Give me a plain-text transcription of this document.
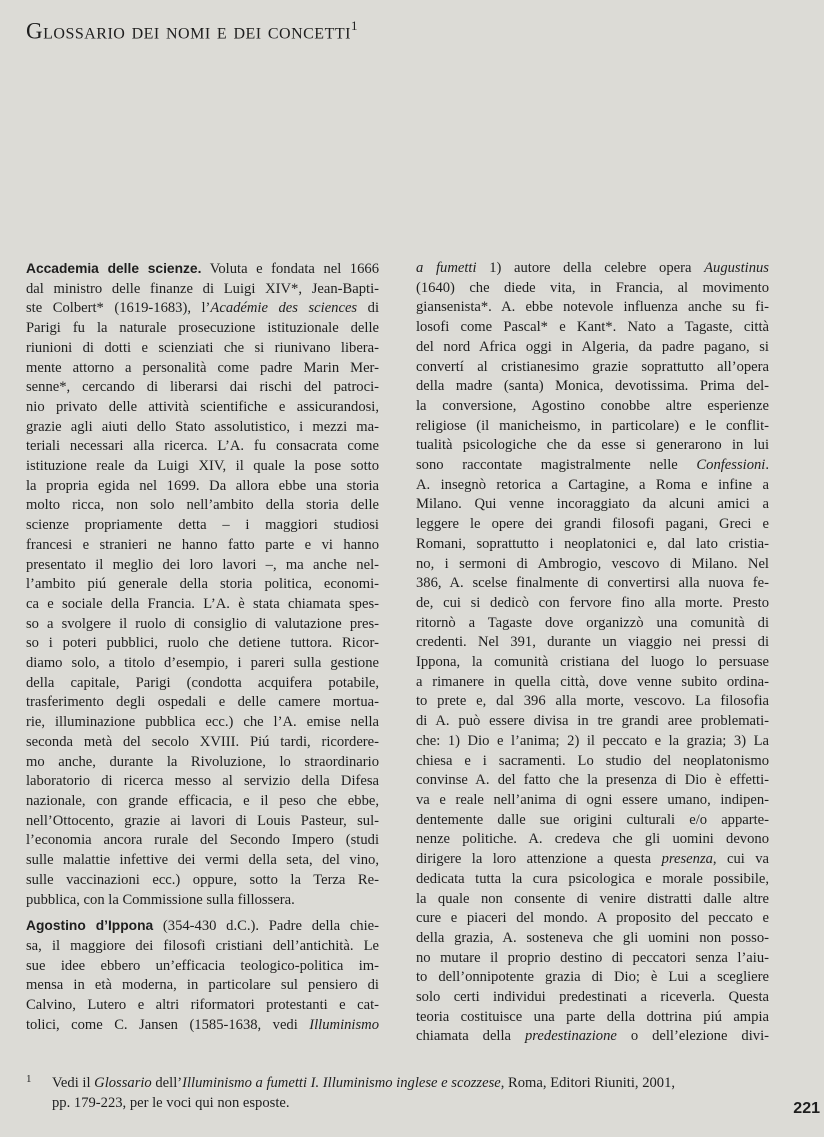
Glossario dei nomi e dei concetti$^1$
Accademia delle scienze. Voluta e fondata nel 1666
dal ministro delle finanze di Luigi XIV*, Jean-Bapti-
ste Colbert* (1619-1683), l’Académie des sciences di
Parigi fu la naturale prosecuzione istituzionale delle
riunioni di dotti e scienziati che si riunivano libera-
mente attorno a personalità come padre Marin Mer-
senne*, cercando di liberarsi dai rischi del patroci-
nio privato delle attività scientifiche e assicurandosi,
grazie agli aiuti dello Stato assolutistico, i mezzi ma-
teriali necessari alla ricerca. L’A. fu consacrata come
istituzione reale da Luigi XIV, il quale la pose sotto
la propria egida nel 1699. Da allora ebbe una storia
molto ricca, non solo nell’ambito della storia delle
scienze propriamente detta – i maggiori studiosi
francesi e stranieri ne hanno fatto parte e vi hanno
presentato il meglio dei loro lavori –, ma anche nel-
l’ambito piú generale della storia politica, economi-
ca e sociale della Francia. L’A. è stata chiamata spes-
so a svolgere il ruolo di consiglio di valutazione pres-
so i poteri pubblici, ruolo che detiene tuttora. Ricor-
diamo solo, a titolo d’esempio, i pareri sulla gestione
della capitale, Parigi (condotta acquifera potabile,
trasferimento degli ospedali e delle camere mortua-
rie, illuminazione pubblica ecc.) che l’A. emise nella
seconda metà del secolo XVIII. Piú tardi, ricordere-
mo anche, durante la Rivoluzione, lo straordinario
laboratorio di ricerca messo al servizio della Difesa
nazionale, con grande efficacia, e il peso che ebbe,
nell’Ottocento, grazie ai lavori di Louis Pasteur, sul-
l’economia ancora rurale del Secondo Impero (studi
sulle malattie infettive dei vermi della seta, del vino,
sulle vaccinazioni ecc.) oppure, sotto la Terza Re-
pubblica, con la Commissione sulla fillossera.
Agostino d’Ippona (354-430 d.C.). Padre della chie-
sa, il maggiore dei filosofi cristiani dell’antichità. Le
sue idee ebbero un’efficacia teologico-politica im-
mensa in età moderna, in particolare sul pensiero di
Calvino, Lutero e altri riformatori protestanti e cat-
tolici, come C. Jansen (1585-1638, vedi Illuminismo
a fumetti 1) autore della celebre opera Augustinus
(1640) che diede vita, in Francia, al movimento
giansenista*. A. ebbe notevole influenza anche su fi-
losofi come Pascal* e Kant*. Nato a Tagaste, città
del nord Africa oggi in Algeria, da padre pagano, si
convertí al cristianesimo grazie soprattutto all’opera
della madre (santa) Monica, devotissima. Prima del-
la conversione, Agostino conobbe altre esperienze
religiose (il manicheismo, in particolare) e le conflit-
tualità psicologiche che da esse si generarono in lui
sono raccontate magistralmente nelle Confessioni.
A. insegnò retorica a Cartagine, a Roma e infine a
Milano. Qui venne incoraggiato da alcuni amici a
leggere le opere dei grandi filosofi pagani, Greci e
Romani, soprattutto i neoplatonici e, dal lato cristia-
no, i sermoni di Ambrogio, vescovo di Milano. Nel
386, A. scelse finalmente di convertirsi alla nuova fe-
de, cui si dedicò con fervore fino alla morte. Presto
ritornò a Tagaste dove organizzò una comunità di
credenti. Nel 391, durante un viaggio nei pressi di
Ippona, la comunità cristiana del luogo lo persuase
a rimanere in quella città, dove venne subito ordina-
to prete e, dal 396 alla morte, vescovo. La filosofia
di A. può essere divisa in tre grandi aree problemati-
che: 1) Dio e l’anima; 2) il peccato e la grazia; 3) La
chiesa e i sacramenti. Lo studio del neoplatonismo
convinse A. del fatto che la presenza di Dio è effetti-
va e reale nell’anima di ogni essere umano, indipen-
dentemente dalle sue origini culturali e/o apparte-
nenze politiche. A. credeva che gli uomini devono
dirigere la loro attenzione a questa presenza, cui va
dedicata tutta la cura psicologica e morale possibile,
la quale non consente di venire distratti dalle altre
cure e piaceri del mondo. A proposito del peccato e
della grazia, A. sosteneva che gli uomini non posso-
no mutare il proprio destino di peccatori senza l’aiu-
to dell’onnipotente grazia di Dio; è Lui a scegliere
solo certi individui predestinati a riceverla. Questa
teoria costituisce una parte della dottrina piú ampia
chiamata della predestinazione o dell’elezione divi-
1	Vedi il Glossario dell’Illuminismo a fumetti I. Illuminismo inglese e scozzese, Roma, Editori Riuniti, 2001,
pp. 179-223, per le voci qui non esposte.	221
